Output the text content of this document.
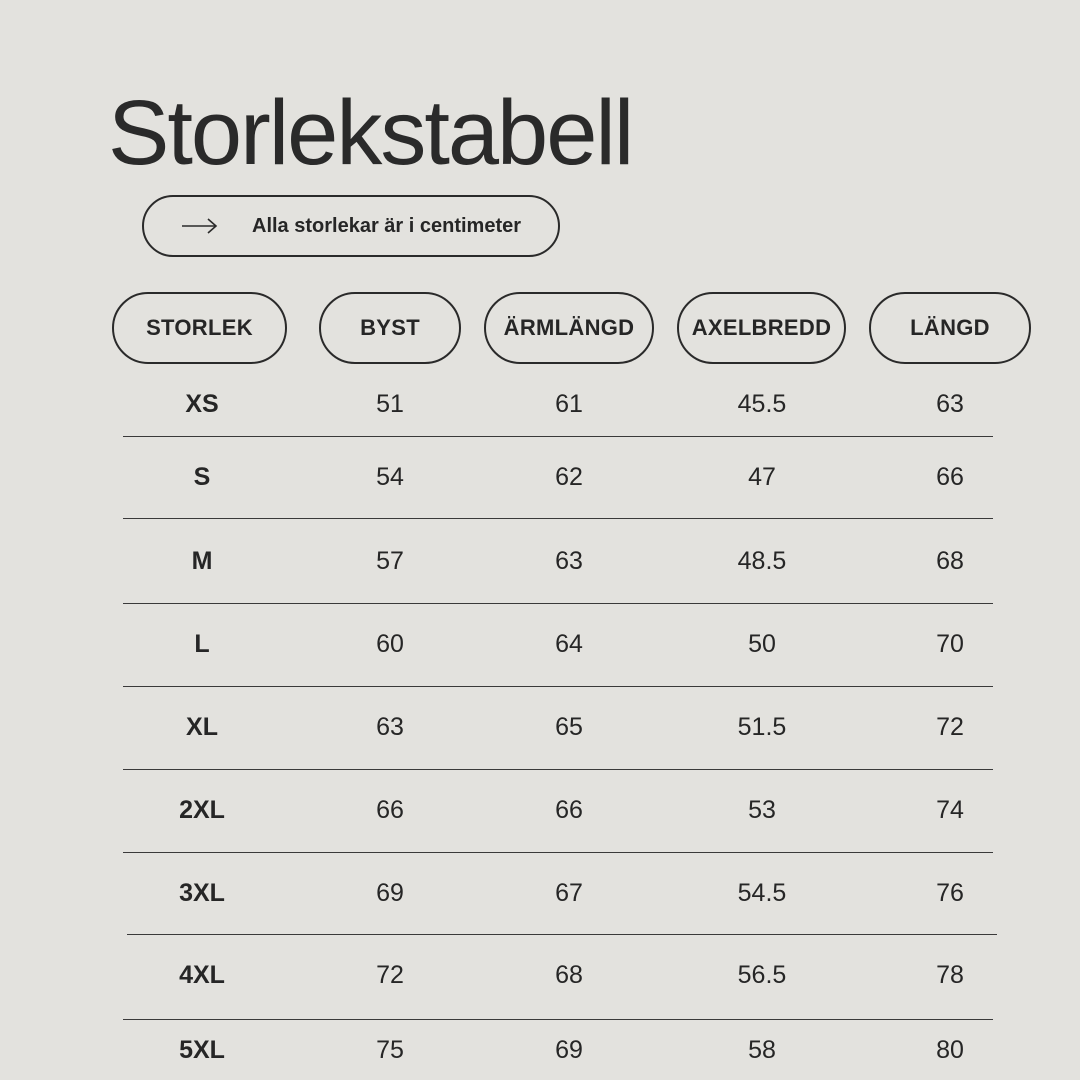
Storlekstabell
Alla storlekar är i centimeter
STORLEK	BYST	ÄRMLÄNGD	AXELBREDD	LÄNGD
XS	51	61	45.5	63
S	54	62	47	66
M	57	63	48.5	68
L	60	64	50	70
XL	63	65	51.5	72
2XL	66	66	53	74
3XL	69	67	54.5	76
4XL	72	68	56.5	78
5XL	75	69	58	80
